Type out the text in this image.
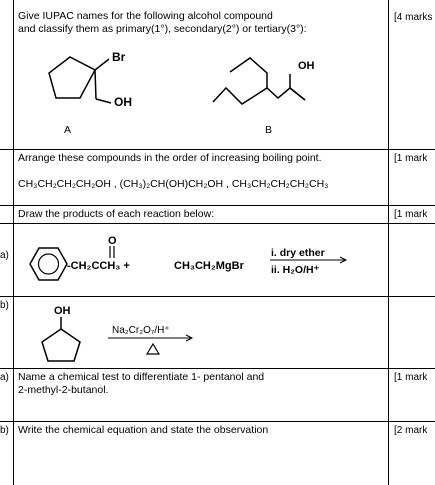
Give IUPAC names for the following alcohol compound
and classify them as primary(1°), secondary(2°) or tertiary(3°):
[4 marks
Br
OH
A
OH
B
Arrange these compounds in the order of increasing boiling point.
CH₃CH₂CH₂CH₂OH , (CH₃)₂CH(OH)CH₂OH , CH₃CH₂CH₂CH₂CH₃
[1 mark
Draw the products of each reaction below:	[1 mark
a)
O
-CH₂CCH₃ +	CH₃CH₂MgBr
i. dry ether
ii. H₂O/H⁺
b)	OH
Na₂Cr₂O₇/H⁺
a) Name a chemical test to differentiate 1- pentanol and
2-methyl-2-butanol.
[1 mark
b) Write the chemical equation and state the observation	[2 mark
